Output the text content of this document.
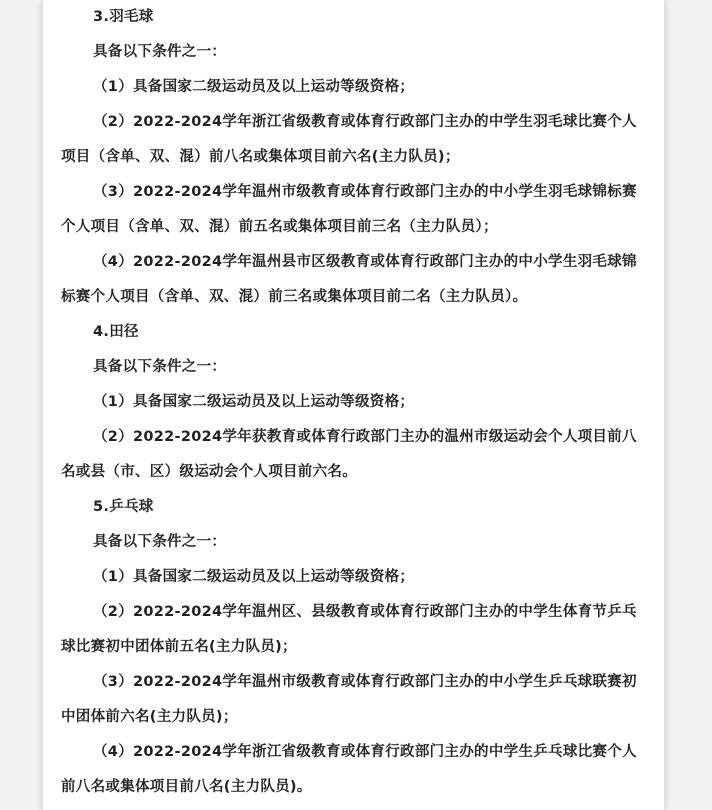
3.羽毛球
具备以下条件之一：
（1）具备国家二级运动员及以上运动等级资格；
（2）2022-2024学年浙江省级教育或体育行政部门主办的中学生羽毛球比赛个人
项目（含单、双、混）前八名或集体项目前六名(主力队员)；
（3）2022-2024学年温州市级教育或体育行政部门主办的中小学生羽毛球锦标赛
个人项目（含单、双、混）前五名或集体项目前三名（主力队员）；
（4）2022-2024学年温州县市区级教育或体育行政部门主办的中小学生羽毛球锦
标赛个人项目（含单、双、混）前三名或集体项目前二名（主力队员）。
4.田径
具备以下条件之一：
（1）具备国家二级运动员及以上运动等级资格；
（2）2022-2024学年获教育或体育行政部门主办的温州市级运动会个人项目前八
名或县（市、区）级运动会个人项目前六名。
5.乒乓球
具备以下条件之一：
（1）具备国家二级运动员及以上运动等级资格；
（2）2022-2024学年温州区、县级教育或体育行政部门主办的中学生体育节乒乓
球比赛初中团体前五名(主力队员)；
（3）2022-2024学年温州市级教育或体育行政部门主办的中小学生乒乓球联赛初
中团体前六名(主力队员)；
（4）2022-2024学年浙江省级教育或体育行政部门主办的中学生乒乓球比赛个人
前八名或集体项目前八名(主力队员)。
